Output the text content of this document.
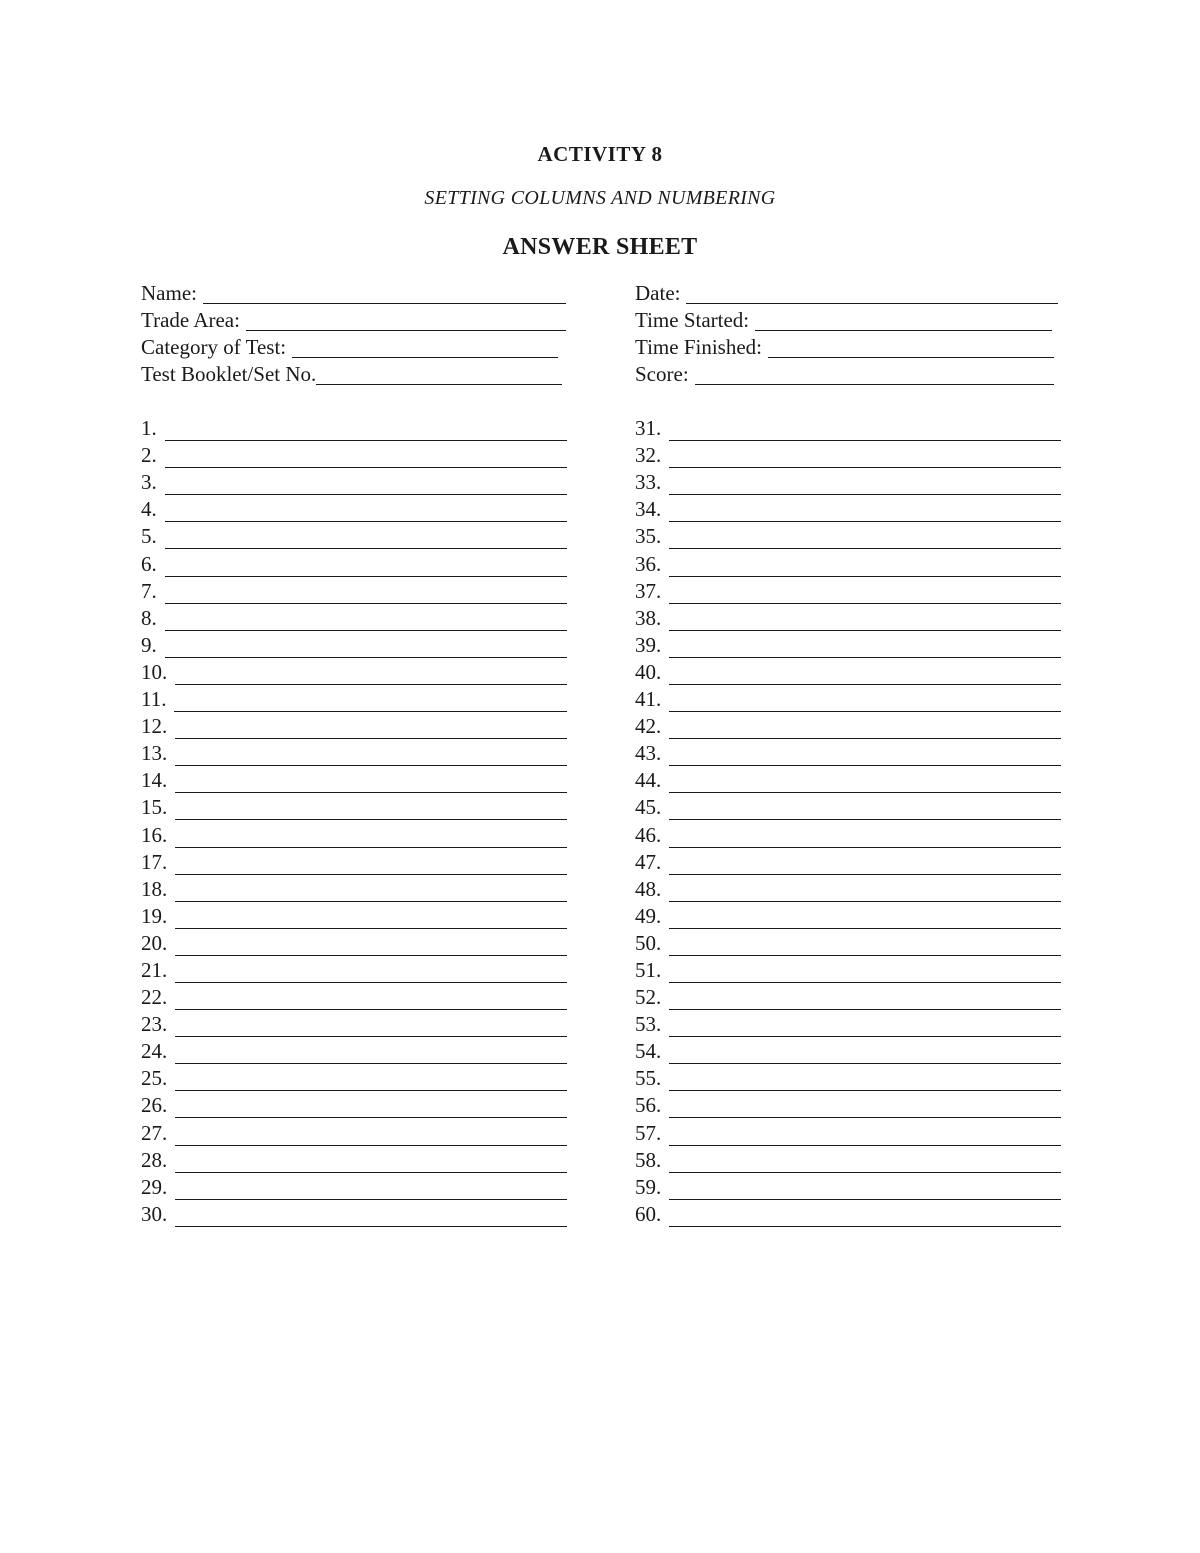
ACTIVITY 8
SETTING COLUMNS AND NUMBERING
ANSWER SHEET
Name:
Trade Area:
Category of Test:
Test Booklet/Set No.
Date:
Time Started:
Time Finished:
Score:
1.
2.
3.
4.
5.
6.
7.
8.
9.
10.
11.
12.
13.
14.
15.
16.
17.
18.
19.
20.
21.
22.
23.
24.
25.
26.
27.
28.
29.
30.
31.
32.
33.
34.
35.
36.
37.
38.
39.
40.
41.
42.
43.
44.
45.
46.
47.
48.
49.
50.
51.
52.
53.
54.
55.
56.
57.
58.
59.
60.
